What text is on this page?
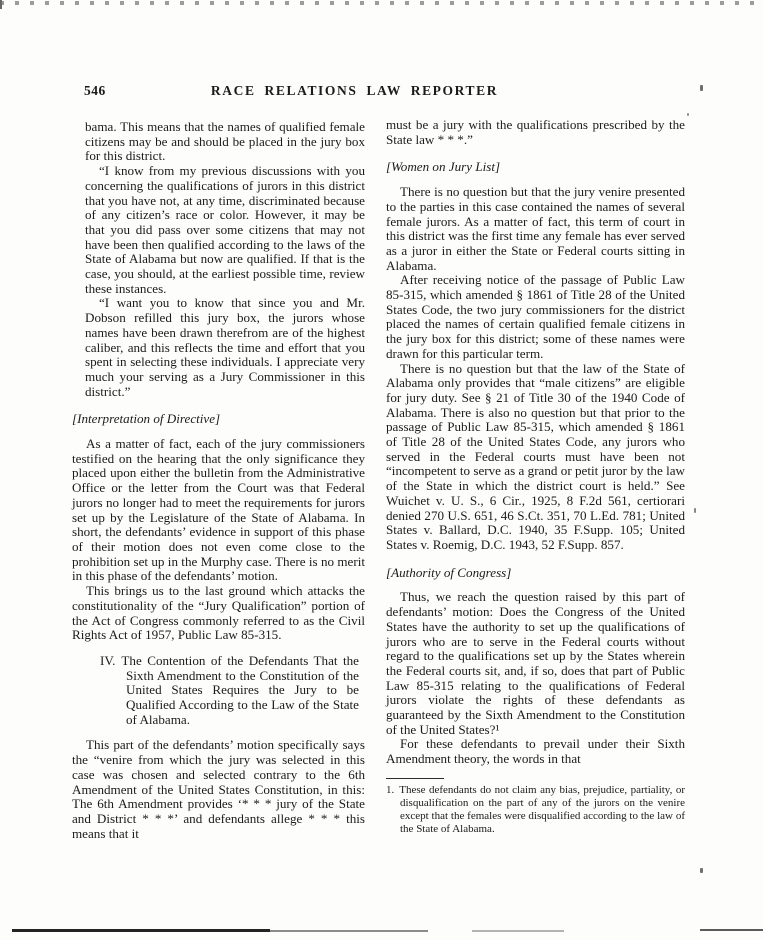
546	RACE RELATIONS LAW REPORTER

bama. This means that the names of qualified female citizens may be and should be placed in the jury box for this district.

“I know from my previous discussions with you concerning the qualifications of jurors in this district that you have not, at any time, discriminated because of any citizen’s race or color. However, it may be that you did pass over some citizens that may not have been then qualified according to the laws of the State of Alabama but now are qualified. If that is the case, you should, at the earliest possible time, review these instances.

“I want you to know that since you and Mr. Dobson refilled this jury box, the jurors whose names have been drawn therefrom are of the highest caliber, and this reflects the time and effort that you spent in selecting these individuals. I appreciate very much your serving as a Jury Commissioner in this district.”

[Interpretation of Directive]

As a matter of fact, each of the jury commissioners testified on the hearing that the only significance they placed upon either the bulletin from the Administrative Office or the letter from the Court was that Federal jurors no longer had to meet the requirements for jurors set up by the Legislature of the State of Alabama. In short, the defendants’ evidence in support of this phase of their motion does not even come close to the prohibition set up in the Murphy case. There is no merit in this phase of the defendants’ motion.

This brings us to the last ground which attacks the constitutionality of the “Jury Qualification” portion of the Act of Congress commonly referred to as the Civil Rights Act of 1957, Public Law 85-315.

IV. The Contention of the Defendants That the Sixth Amendment to the Constitution of the United States Requires the Jury to be Qualified According to the Law of the State of Alabama.

This part of the defendants’ motion specifically says the “venire from which the jury was selected in this case was chosen and selected contrary to the 6th Amendment of the United States Constitution, in this: The 6th Amendment provides ‘* * * jury of the State and District * * *’ and defendants allege * * * this means that it

must be a jury with the qualifications prescribed by the State law * * *.”

[Women on Jury List]

There is no question but that the jury venire presented to the parties in this case contained the names of several female jurors. As a matter of fact, this term of court in this district was the first time any female has ever served as a juror in either the State or Federal courts sitting in Alabama.

After receiving notice of the passage of Public Law 85-315, which amended § 1861 of Title 28 of the United States Code, the two jury commissioners for the district placed the names of certain qualified female citizens in the jury box for this district; some of these names were drawn for this particular term.

There is no question but that the law of the State of Alabama only provides that “male citizens” are eligible for jury duty. See § 21 of Title 30 of the 1940 Code of Alabama. There is also no question but that prior to the passage of Public Law 85-315, which amended § 1861 of Title 28 of the United States Code, any jurors who served in the Federal courts must have been not “incompetent to serve as a grand or petit juror by the law of the State in which the district court is held.” See Wuichet v. U. S., 6 Cir., 1925, 8 F.2d 561, certiorari denied 270 U.S. 651, 46 S.Ct. 351, 70 L.Ed. 781; United States v. Ballard, D.C. 1940, 35 F.Supp. 105; United States v. Roemig, D.C. 1943, 52 F.Supp. 857.

[Authority of Congress]

Thus, we reach the question raised by this part of defendants’ motion: Does the Congress of the United States have the authority to set up the qualifications of jurors who are to serve in the Federal courts without regard to the qualifications set up by the States wherein the Federal courts sit, and, if so, does that part of Public Law 85-315 relating to the qualifications of Federal jurors violate the rights of these defendants as guaranteed by the Sixth Amendment to the Constitution of the United States?¹

For these defendants to prevail under their Sixth Amendment theory, the words in that

1. These defendants do not claim any bias, prejudice, partiality, or disqualification on the part of any of the jurors on the venire except that the females were disqualified according to the law of the State of Alabama.
